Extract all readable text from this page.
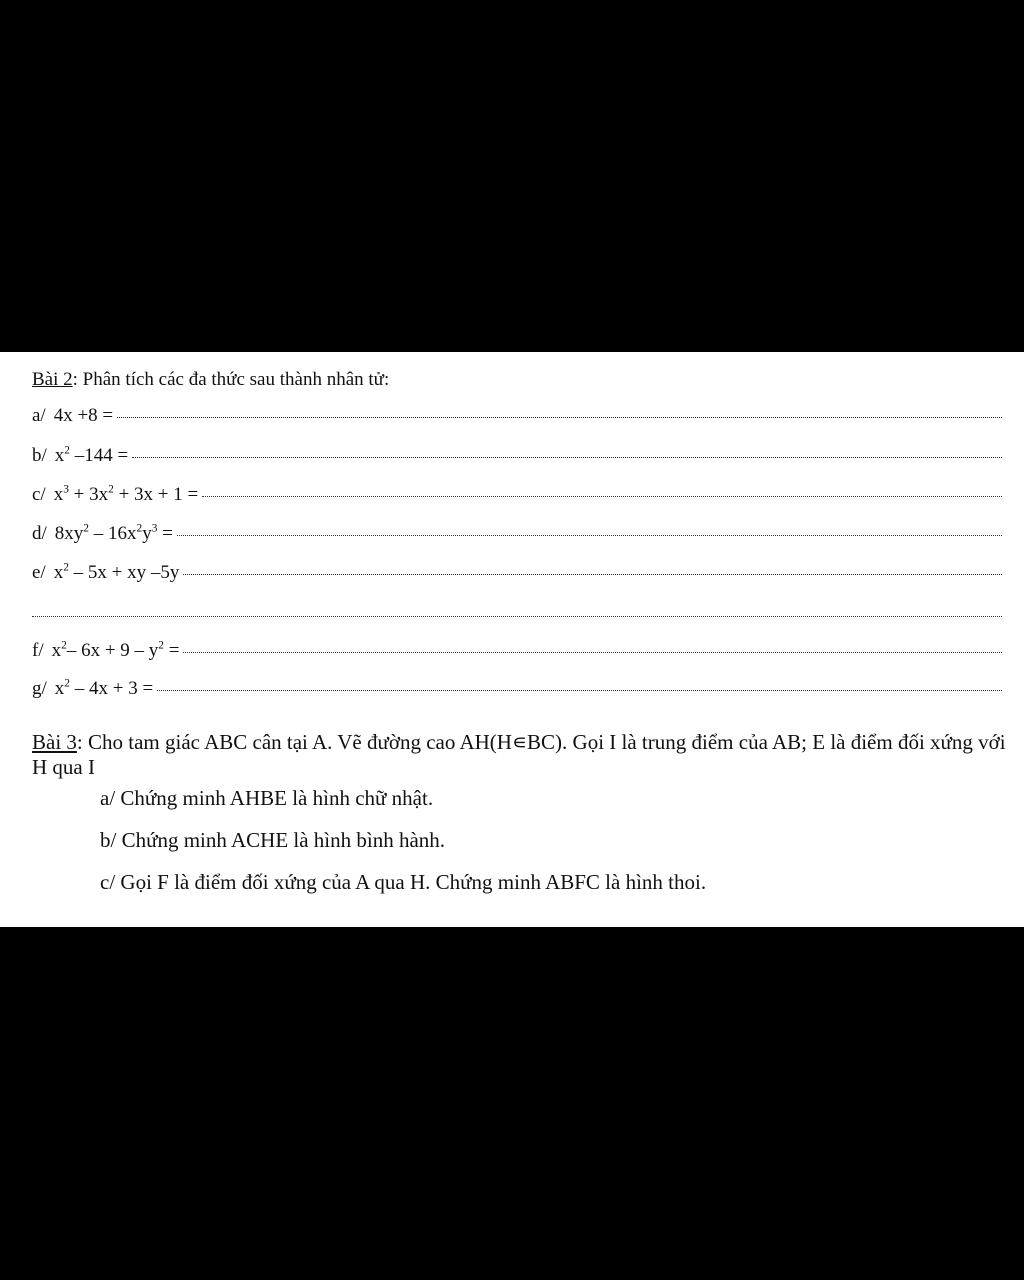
Bài 2 : Phân tích các đa thức sau thành nhân tử:
a/ 4x +8 =
b/ $x^2$ –144 =
c/ $x^3 + 3x^2 + 3x + 1$ =
d/ $8xy^2 - 16x^2y^3$ =
e/ $x^2 - 5x$ + xy –5y
f/ $x^2-$ $6x + 9 - y^2$ =
g/ $x^2 - 4x + 3$ =
Bài 3: Cho tam giác ABC cân tại A. Vẽ đường cao AH(H∊BC). Gọi I là trung điểm của AB; E là điểm đối xứng với H qua I
a/ Chứng minh AHBE là hình chữ nhật.
b/ Chứng minh ACHE là hình bình hành.
c/ Gọi F là điểm đối xứng của A qua H. Chứng minh ABFC là hình thoi.
